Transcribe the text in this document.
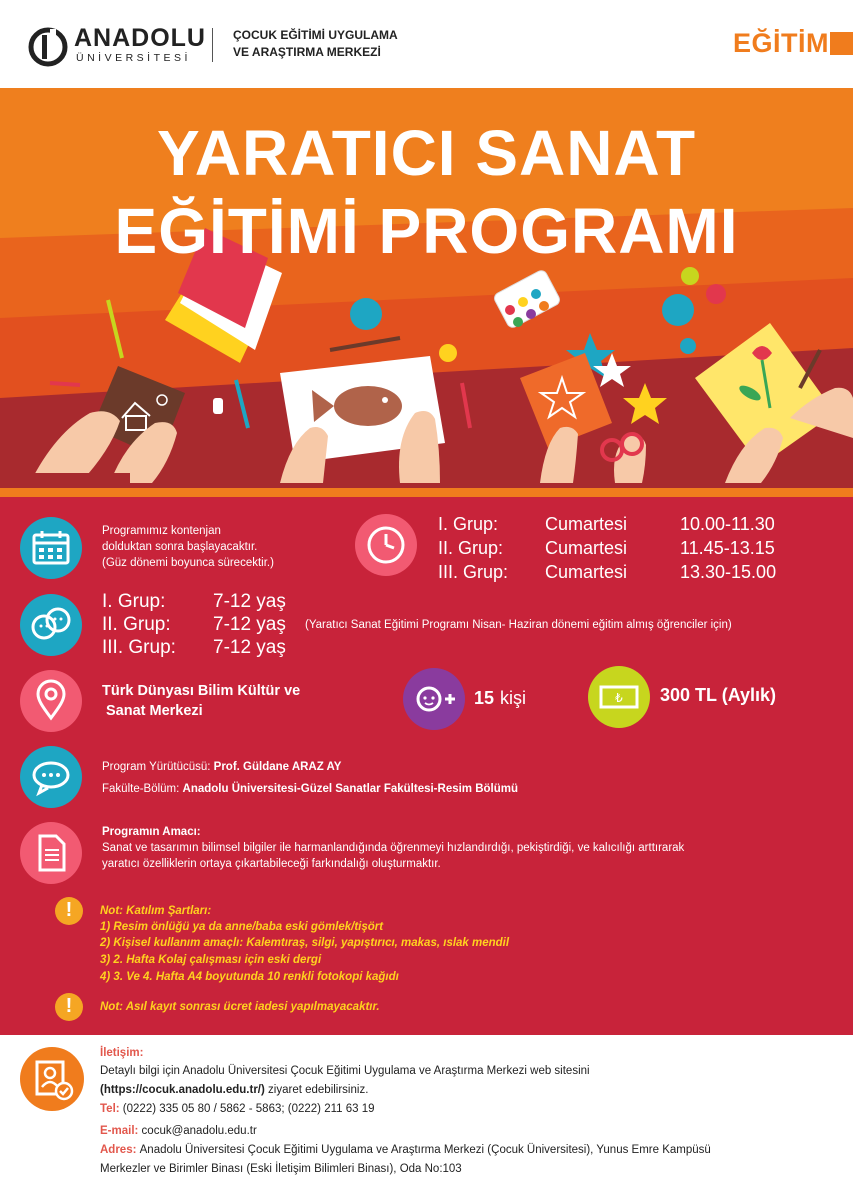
ANADOLU
ÜNİVERSİTESİ
ÇOCUK EĞİTİMİ UYGULAMA
VE ARAŞTIRMA MERKEZİ	EĞİTİM
YARATICI SANAT
EĞİTİMİ PROGRAMI
Programımız kontenjan
dolduktan sonra başlayacaktır.
(Güz dönemi boyunca sürecektir.)
I. Grup:	Cumartesi	10.00-11.30
II. Grup: Cumartesi	11.45-13.15
III. Grup: Cumartesi	13.30-15.00
I. Grup:	7-12 yaş
II. Grup: 7-12 yaş
III. Grup: 7-12 yaş
(Yaratıcı Sanat Eğitimi Programı Nisan- Haziran dönemi eğitim almış öğrenciler için)
Türk Dünyası Bilim Kültür ve
Sanat Merkezi
15 kişi	₺ 300 TL (Aylık)
Program Yürütücüsü: Prof. Güldane ARAZ AY
Fakülte-Bölüm: Anadolu Üniversitesi-Güzel Sanatlar Fakültesi-Resim Bölümü
Programın Amacı:
Sanat ve tasarımın bilimsel bilgiler ile harmanlandığında öğrenmeyi hızlandırdığı, pekiştirdiği, ve kalıcılığı arttırarak
yaratıcı özelliklerin ortaya çıkartabileceği farkındalığı oluşturmaktır.
!	Not: Katılım Şartları:
1) Resim önlüğü ya da anne/baba eski gömlek/tişört
2) Kişisel kullanım amaçlı: Kalemtıraş, silgi, yapıştırıcı, makas, ıslak mendil
3) 2. Hafta Kolaj çalışması için eski dergi
4) 3. Ve 4. Hafta A4 boyutunda 10 renkli fotokopi kağıdı
!	Not: Asıl kayıt sonrası ücret iadesi yapılmayacaktır.
İletişim:
Detaylı bilgi için Anadolu Üniversitesi Çocuk Eğitimi Uygulama ve Araştırma Merkezi web sitesini
(https://cocuk.anadolu.edu.tr/) ziyaret edebilirsiniz.
Tel: (0222) 335 05 80 / 5862 - 5863; (0222) 211 63 19
E-mail: cocuk@anadolu.edu.tr
Adres: Anadolu Üniversitesi Çocuk Eğitimi Uygulama ve Araştırma Merkezi (Çocuk Üniversitesi), Yunus Emre Kampüsü
Merkezler ve Birimler Binası (Eski İletişim Bilimleri Binası), Oda No:103
